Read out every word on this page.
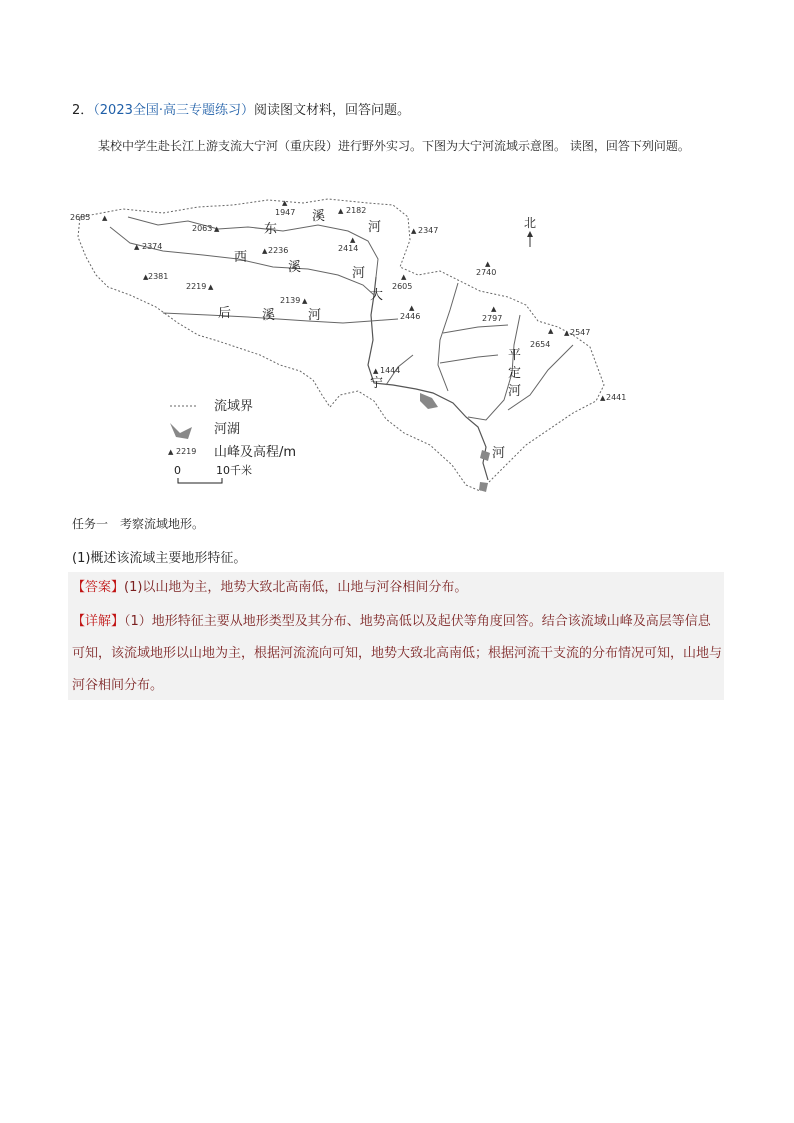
2．（2023全国·高三专题练习）阅读图文材料，回答问题。
某校中学生赴长江上游支流大宁河（重庆段）进行野外实习。下图为大宁河流域示意图。 读图，回答下列问题。
北
2685
1947	2182
2347
2063
2374	2236	2414
2381
2219
2139
2605
2446
2740
2797
2547
2654
1444
2441
▲
▲
▲
▲
▲
▲	▲
▲
▲
▲
▲
▲
▲
▲
▲
▲
▲
▲
▲
东
溪
河
西
溪	河
后 溪	河
大
宁
河
平
定
河
流域界
河湖
▲ 2219 山峰及高程/m
0	10千米
任务一　考察流域地形。
(1)概述该流域主要地形特征。
【答案】(1)以山地为主，地势大致北高南低，山地与河谷相间分布。
【详解】（1）地形特征主要从地形类型及其分布、地势高低以及起伏等角度回答。结合该流域山峰及高层等信息可知，该流域地形以山地为主，根据河流流向可知，地势大致北高南低；根据河流干支流的分布情况可知，山地与河谷相间分布。
